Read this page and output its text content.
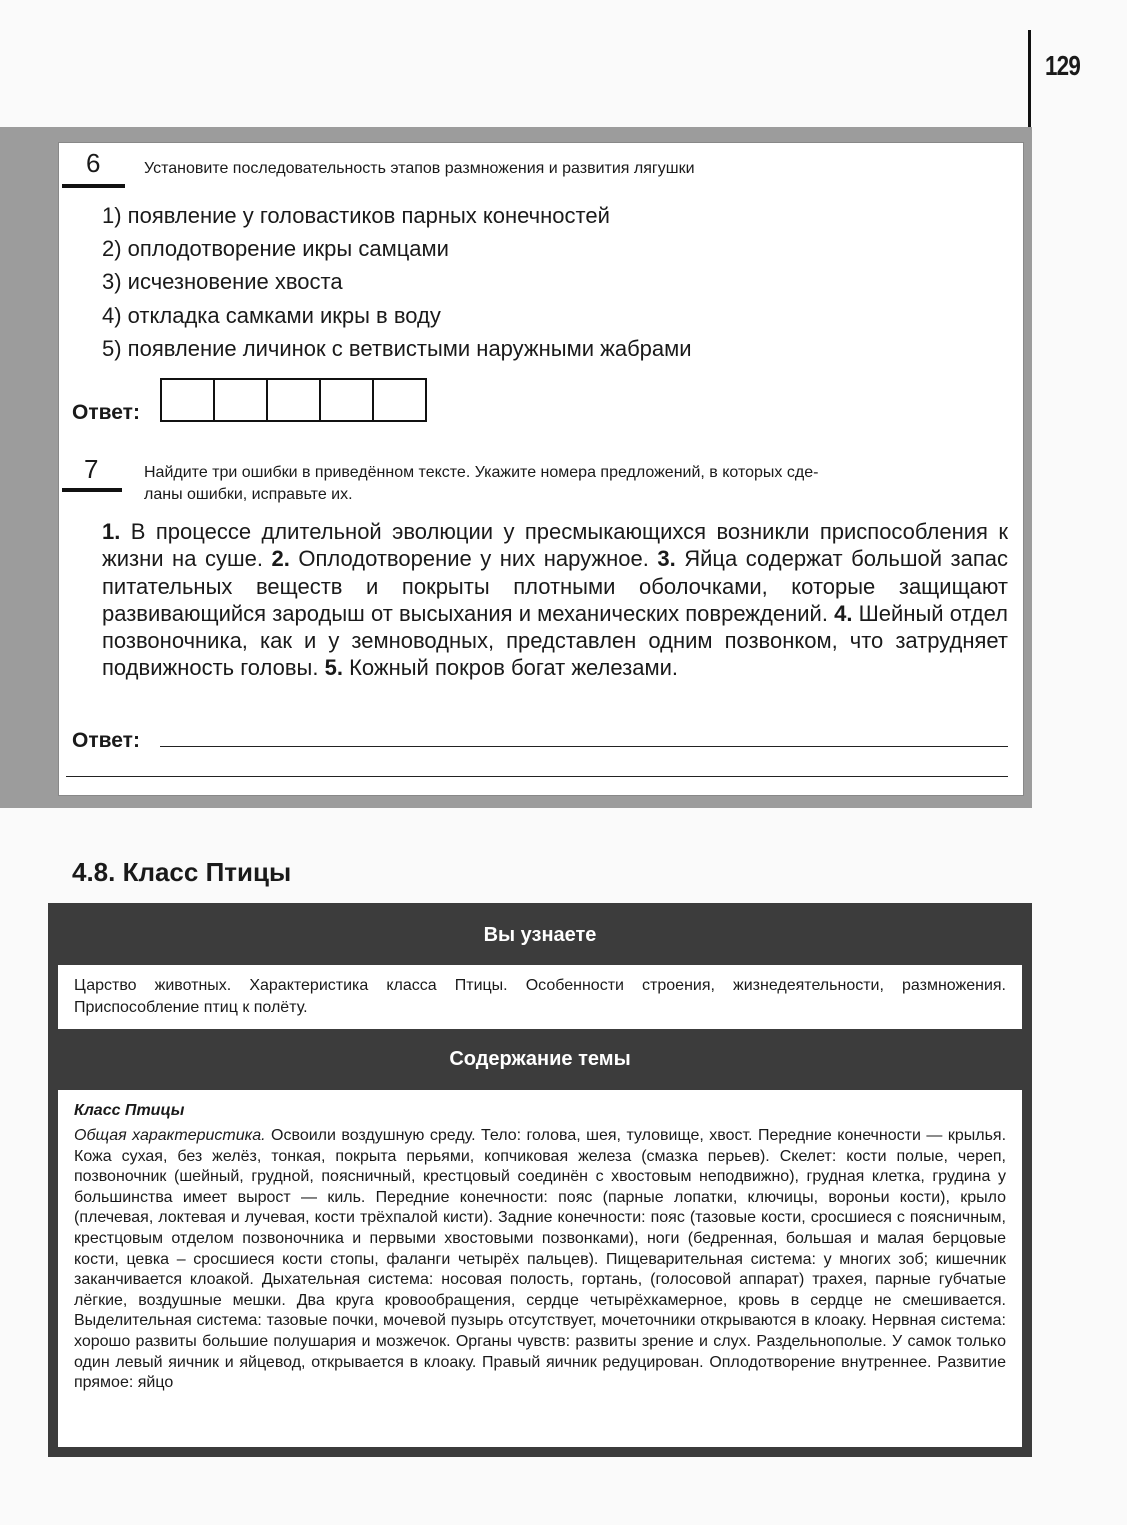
129
6	Установите последовательность этапов размножения и развития лягушки
1) появление у головастиков парных конечностей
2) оплодотворение икры самцами
3) исчезновение хвоста
4) откладка самками икры в воду
5) появление личинок с ветвистыми наружными жабрами
Ответ:
7	Найдите три ошибки в приведённом тексте. Укажите номера предложений, в которых сде-
ланы ошибки, исправьте их.
1. В процессе длительной эволюции у пресмыкающихся возникли приспособления к жизни на суше. 2. Оплодотворение у них наружное. 3. Яйца содержат большой запас питательных веществ и покрыты плотными оболочками, которые защищают развивающийся зародыш от высыхания и механических повреждений. 4. Шейный отдел позвоночника, как и у земноводных, представлен одним позвонком, что затрудняет подвижность головы. 5. Кожный покров богат железами.
Ответ:
4.8. Класс Птицы
Вы узнаете
Царство животных. Характеристика класса Птицы. Особенности строения, жизнедеятельности, размножения. Приспособление птиц к полёту.
Содержание темы
Класс Птицы
Общая характеристика. Освоили воздушную среду. Тело: голова, шея, туловище, хвост. Передние конечности — крылья. Кожа сухая, без желёз, тонкая, покрыта перьями, копчиковая железа (смазка перьев). Скелет: кости полые, череп, позвоночник (шейный, грудной, поясничный, крестцовый соединён с хвостовым неподвижно), грудная клетка, грудина у большинства имеет вырост — киль. Передние конечности: пояс (парные лопатки, ключицы, вороньи кости), крыло (плечевая, локтевая и лучевая, кости трёхпалой кисти). Задние конечности: пояс (тазовые кости, сросшиеся с поясничным, крестцовым отделом позвоночника и первыми хвостовыми позвонками), ноги (бедренная, большая и малая берцовые кости, цевка – сросшиеся кости стопы, фаланги четырёх пальцев). Пищеварительная система: у многих зоб; кишечник заканчивается клоакой. Дыхательная система: носовая полость, гортань, (голосовой аппарат) трахея, парные губчатые лёгкие, воздушные мешки. Два круга кровообращения, сердце четырёхкамерное, кровь в сердце не смешивается. Выделительная система: тазовые почки, мочевой пузырь отсутствует, мочеточники открываются в клоаку. Нервная система: хорошо развиты большие полушария и мозжечок. Органы чувств: развиты зрение и слух. Раздельнополые. У самок только один левый яичник и яйцевод, открывается в клоаку. Правый яичник редуцирован. Оплодотворение внутреннее. Развитие прямое: яйцо
